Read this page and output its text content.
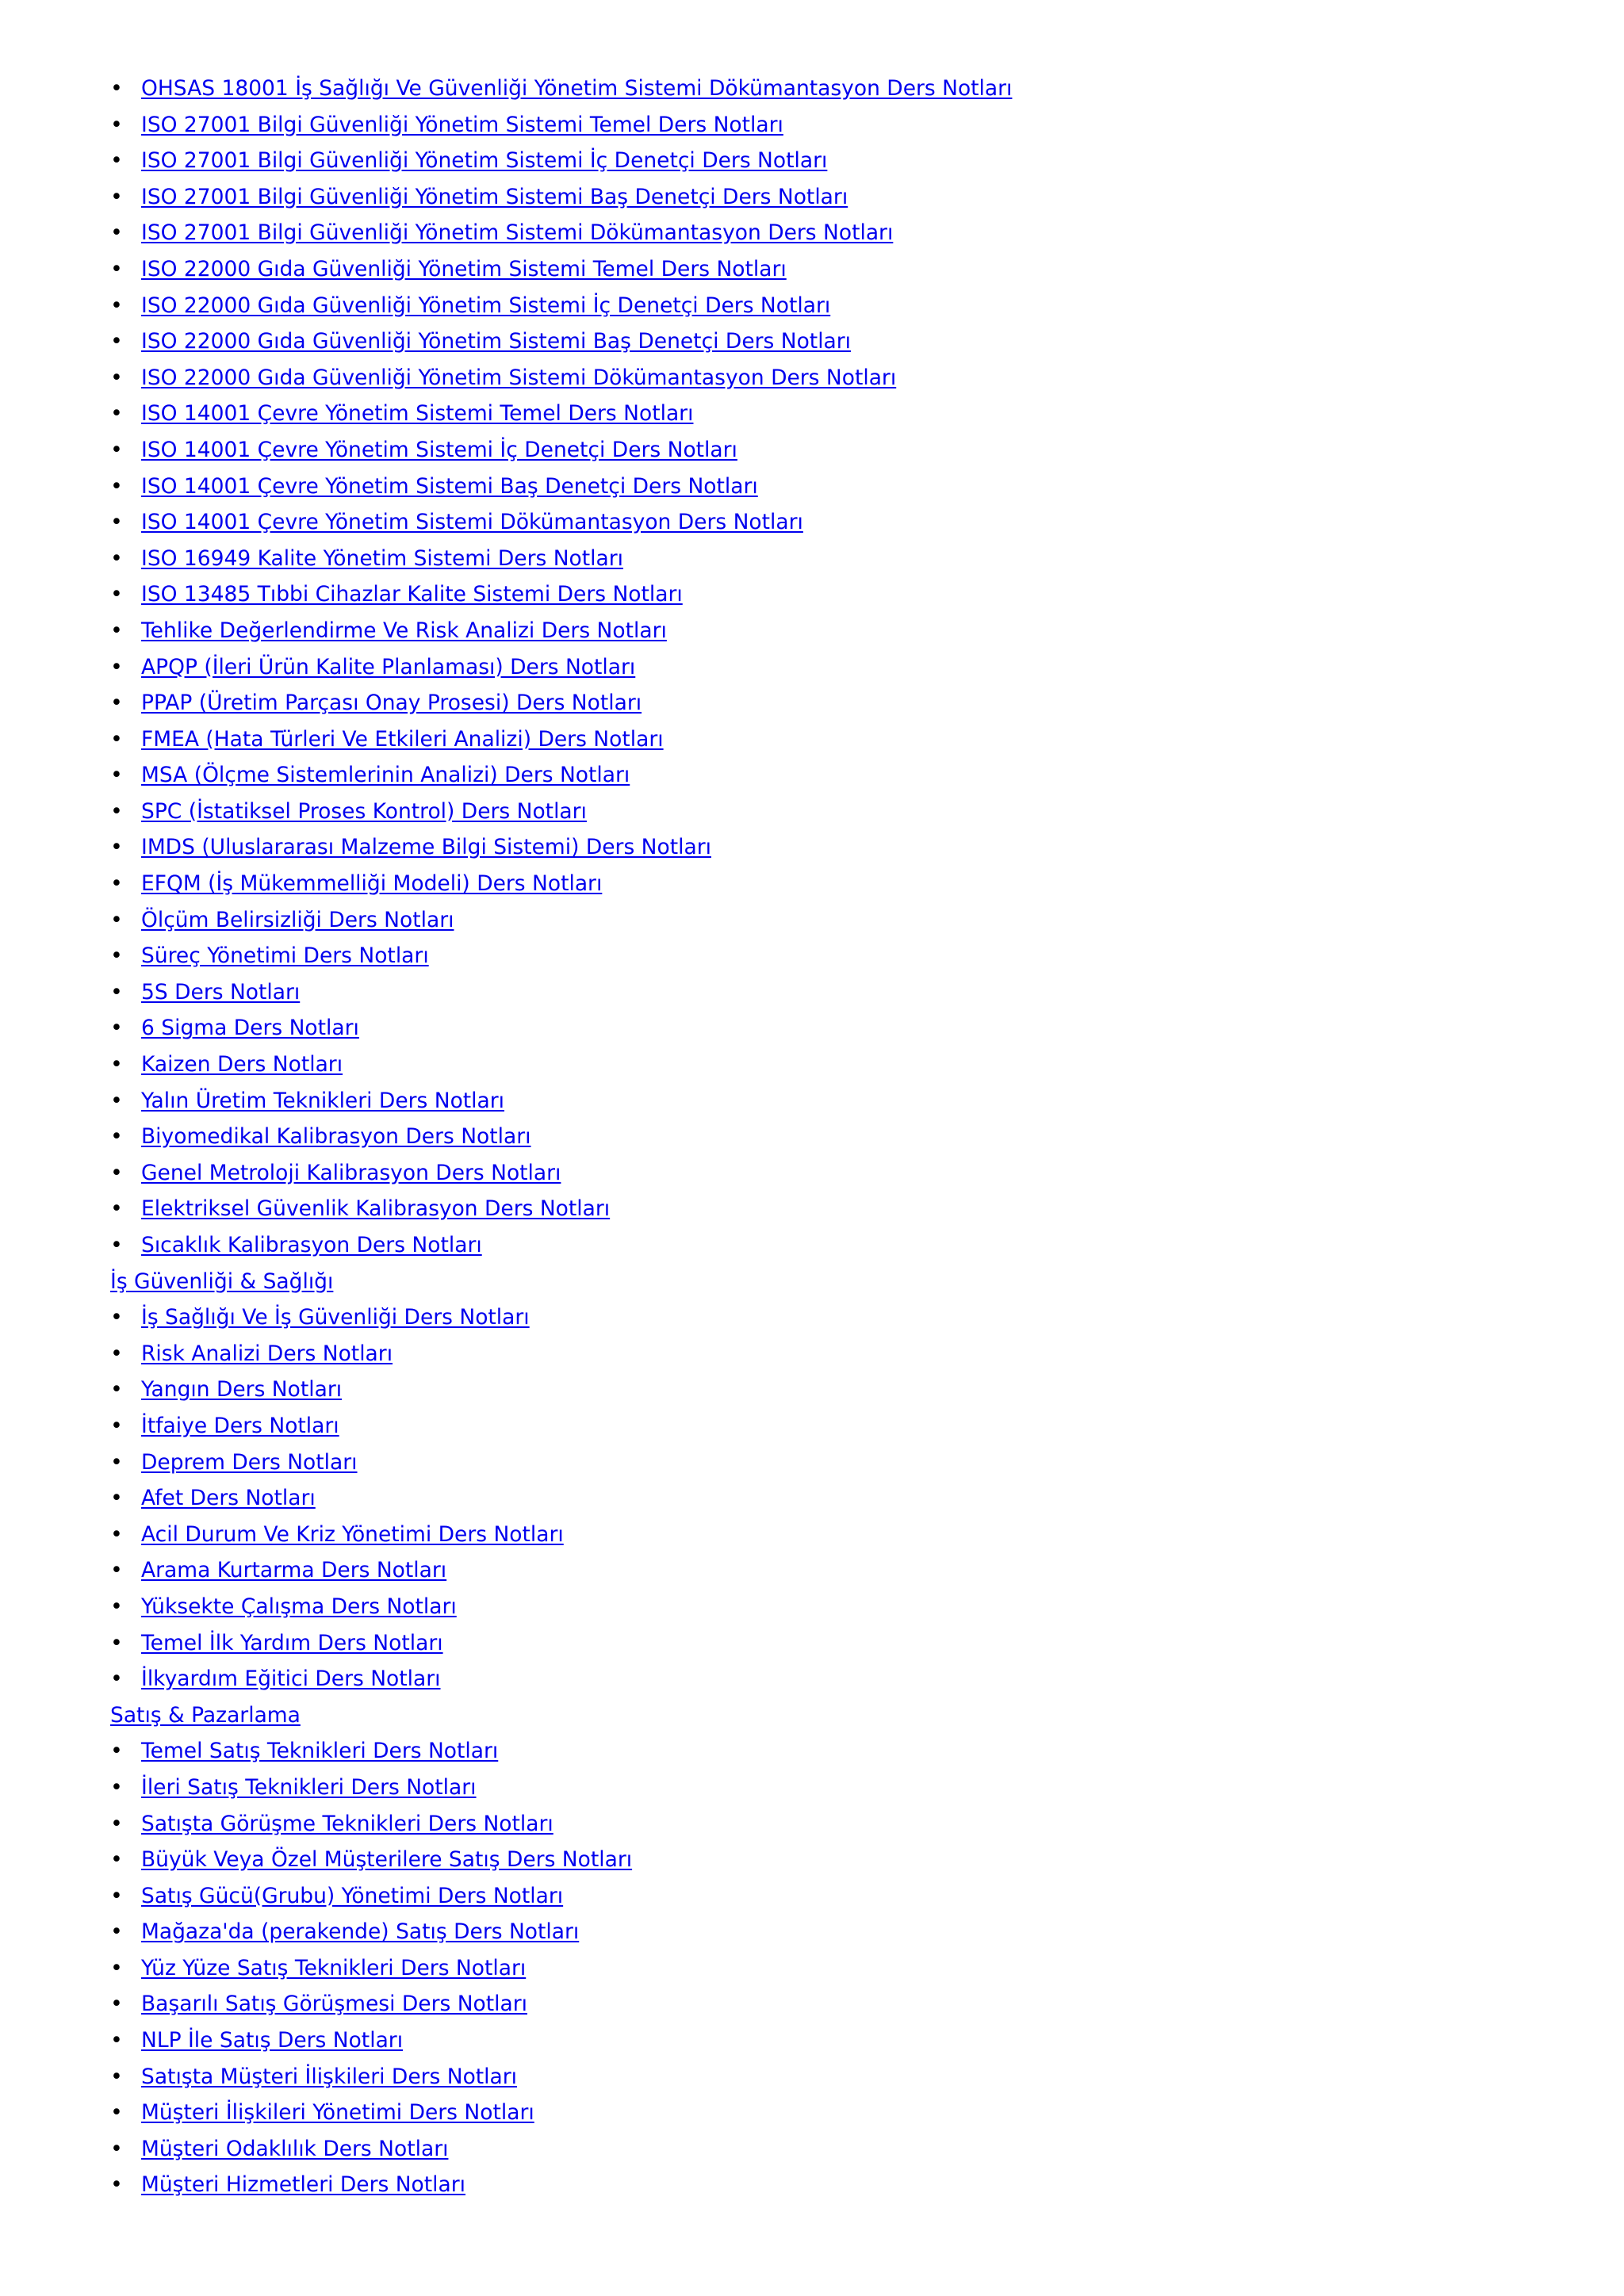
• OHSAS 18001 İş Sağlığı Ve Güvenliği Yönetim Sistemi Dökümantasyon Ders Notları
• ISO 27001 Bilgi Güvenliği Yönetim Sistemi Temel Ders Notları
• ISO 27001 Bilgi Güvenliği Yönetim Sistemi İç Denetçi Ders Notları
• ISO 27001 Bilgi Güvenliği Yönetim Sistemi Baş Denetçi Ders Notları
• ISO 27001 Bilgi Güvenliği Yönetim Sistemi Dökümantasyon Ders Notları
• ISO 22000 Gıda Güvenliği Yönetim Sistemi Temel Ders Notları
• ISO 22000 Gıda Güvenliği Yönetim Sistemi İç Denetçi Ders Notları
• ISO 22000 Gıda Güvenliği Yönetim Sistemi Baş Denetçi Ders Notları
• ISO 22000 Gıda Güvenliği Yönetim Sistemi Dökümantasyon Ders Notları
• ISO 14001 Çevre Yönetim Sistemi Temel Ders Notları
• ISO 14001 Çevre Yönetim Sistemi İç Denetçi Ders Notları
• ISO 14001 Çevre Yönetim Sistemi Baş Denetçi Ders Notları
• ISO 14001 Çevre Yönetim Sistemi Dökümantasyon Ders Notları
• ISO 16949 Kalite Yönetim Sistemi Ders Notları
• ISO 13485 Tıbbi Cihazlar Kalite Sistemi Ders Notları
• Tehlike Değerlendirme Ve Risk Analizi Ders Notları
• APQP (İleri Ürün Kalite Planlaması) Ders Notları
• PPAP (Üretim Parçası Onay Prosesi) Ders Notları
• FMEA (Hata Türleri Ve Etkileri Analizi) Ders Notları
• MSA (Ölçme Sistemlerinin Analizi) Ders Notları
• SPC (İstatiksel Proses Kontrol) Ders Notları
• IMDS (Uluslararası Malzeme Bilgi Sistemi) Ders Notları
• EFQM (İş Mükemmelliği Modeli) Ders Notları
• Ölçüm Belirsizliği Ders Notları
• Süreç Yönetimi Ders Notları
• 5S Ders Notları
• 6 Sigma Ders Notları
• Kaizen Ders Notları
• Yalın Üretim Teknikleri Ders Notları
• Biyomedikal Kalibrasyon Ders Notları
• Genel Metroloji Kalibrasyon Ders Notları
• Elektriksel Güvenlik Kalibrasyon Ders Notları
• Sıcaklık Kalibrasyon Ders Notları
İş Güvenliği & Sağlığı
• İş Sağlığı Ve İş Güvenliği Ders Notları
• Risk Analizi Ders Notları
• Yangın Ders Notları
• İtfaiye Ders Notları
• Deprem Ders Notları
• Afet Ders Notları
• Acil Durum Ve Kriz Yönetimi Ders Notları
• Arama Kurtarma Ders Notları
• Yüksekte Çalışma Ders Notları
• Temel İlk Yardım Ders Notları
• İlkyardım Eğitici Ders Notları
Satış & Pazarlama
• Temel Satış Teknikleri Ders Notları
• İleri Satış Teknikleri Ders Notları
• Satışta Görüşme Teknikleri Ders Notları
• Büyük Veya Özel Müşterilere Satış Ders Notları
• Satış Gücü(Grubu) Yönetimi Ders Notları
• Mağaza'da (perakende) Satış Ders Notları
• Yüz Yüze Satış Teknikleri Ders Notları
• Başarılı Satış Görüşmesi Ders Notları
• NLP İle Satış Ders Notları
• Satışta Müşteri İlişkileri Ders Notları
• Müşteri İlişkileri Yönetimi Ders Notları
• Müşteri Odaklılık Ders Notları
• Müşteri Hizmetleri Ders Notları
